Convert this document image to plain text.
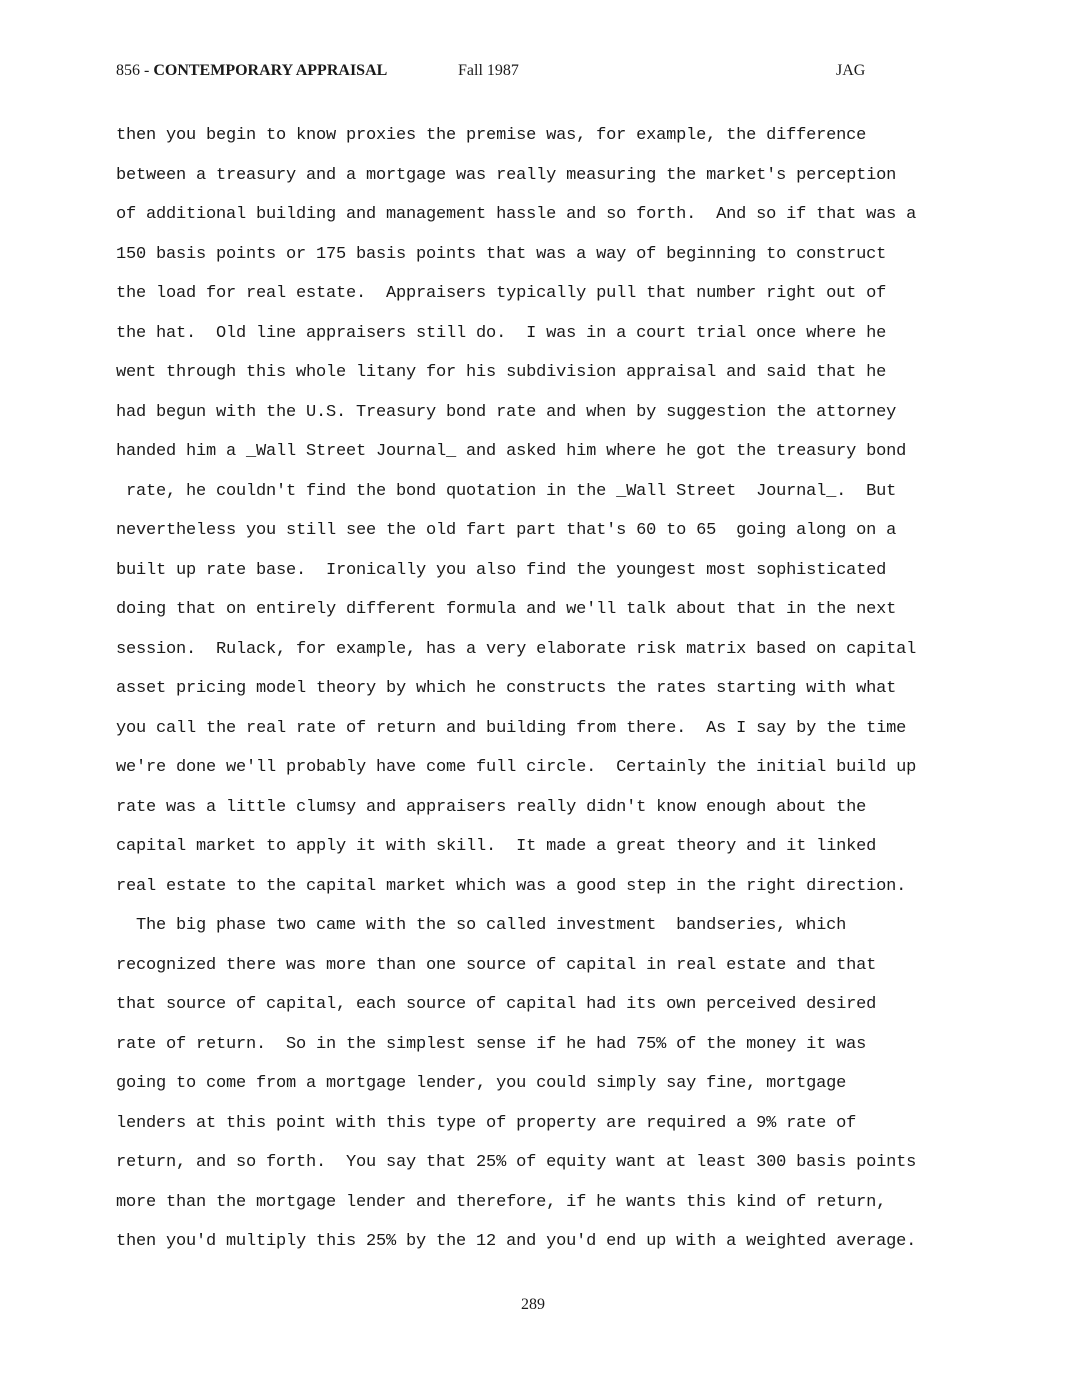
856 - CONTEMPORARY APPRAISAL	Fall 1987	JAG
then you begin to know proxies the premise was, for example, the difference
between a treasury and a mortgage was really measuring the market's perception
of additional building and management hassle and so forth.  And so if that was a
150 basis points or 175 basis points that was a way of beginning to construct
the load for real estate.  Appraisers typically pull that number right out of
the hat.  Old line appraisers still do.  I was in a court trial once where he
went through this whole litany for his subdivision appraisal and said that he
had begun with the U.S. Treasury bond rate and when by suggestion the attorney
handed him a _Wall Street Journal_ and asked him where he got the treasury bond
rate, he couldn't find the bond quotation in the _Wall Street  Journal_.  But
nevertheless you still see the old fart part that's 60 to 65  going along on a
built up rate base.  Ironically you also find the youngest most sophisticated
doing that on entirely different formula and we'll talk about that in the next
session.  Rulack, for example, has a very elaborate risk matrix based on capital
asset pricing model theory by which he constructs the rates starting with what
you call the real rate of return and building from there.  As I say by the time
we're done we'll probably have come full circle.  Certainly the initial build up
rate was a little clumsy and appraisers really didn't know enough about the
capital market to apply it with skill.  It made a great theory and it linked
real estate to the capital market which was a good step in the right direction.
The big phase two came with the so called investment  bandseries, which
recognized there was more than one source of capital in real estate and that
that source of capital, each source of capital had its own perceived desired
rate of return.  So in the simplest sense if he had 75% of the money it was
going to come from a mortgage lender, you could simply say fine, mortgage
lenders at this point with this type of property are required a 9% rate of
return, and so forth.  You say that 25% of equity want at least 300 basis points
more than the mortgage lender and therefore, if he wants this kind of return,
then you'd multiply this 25% by the 12 and you'd end up with a weighted average.
289
